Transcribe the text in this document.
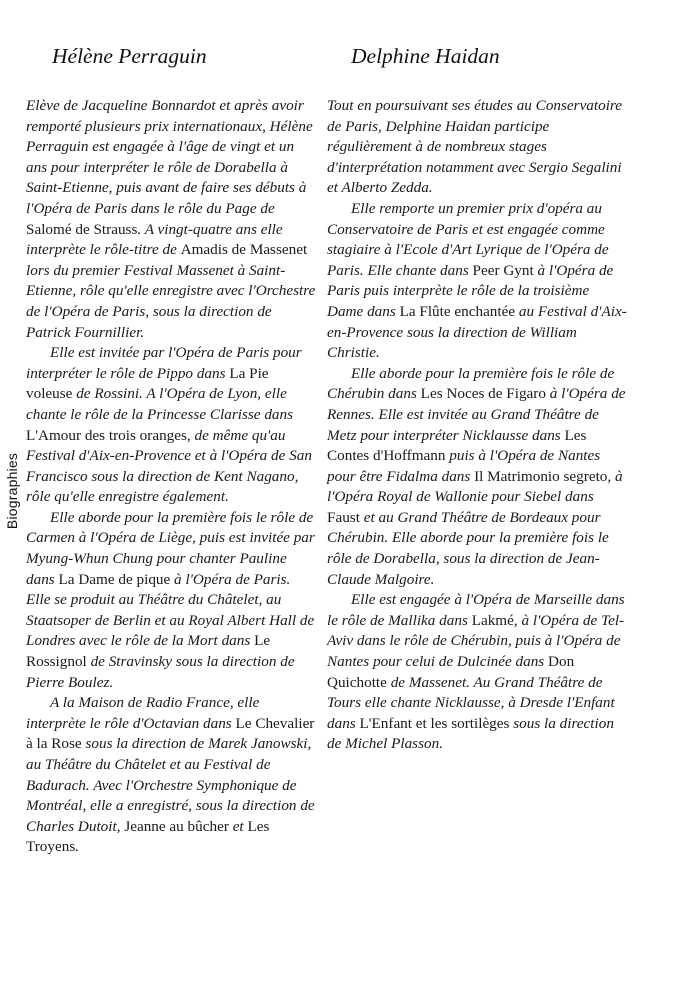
Biographies
Hélène Perraguin

Elève de Jacqueline Bonnardot et après avoir remporté plusieurs prix internationaux, Hélène Perraguin est engagée à l'âge de vingt et un ans pour interpréter le rôle de Dorabella à Saint-Etienne, puis avant de faire ses débuts à l'Opéra de Paris dans le rôle du Page de Salomé de Strauss. A vingt-quatre ans elle interprète le rôle-titre de Amadis de Massenet lors du premier Festival Massenet à Saint-Etienne, rôle qu'elle enregistre avec l'Orchestre de l'Opéra de Paris, sous la direction de Patrick Fournillier.

Elle est invitée par l'Opéra de Paris pour interpréter le rôle de Pippo dans La Pie voleuse de Rossini. A l'Opéra de Lyon, elle chante le rôle de la Princesse Clarisse dans L'Amour des trois oranges, de même qu'au Festival d'Aix-en-Provence et à l'Opéra de San Francisco sous la direction de Kent Nagano, rôle qu'elle enregistre également.

Elle aborde pour la première fois le rôle de Carmen à l'Opéra de Liège, puis est invitée par Myung-Whun Chung pour chanter Pauline dans La Dame de pique à l'Opéra de Paris. Elle se produit au Théâtre du Châtelet, au Staatsoper de Berlin et au Royal Albert Hall de Londres avec le rôle de la Mort dans Le Rossignol de Stravinsky sous la direction de Pierre Boulez.

A la Maison de Radio France, elle interprète le rôle d'Octavian dans Le Chevalier à la Rose sous la direction de Marek Janowski, au Théâtre du Châtelet et au Festival de Badurach. Avec l'Orchestre Symphonique de Montréal, elle a enregistré, sous la direction de Charles Dutoit, Jeanne au bûcher et Les Troyens.

Delphine Haidan

Tout en poursuivant ses études au Conservatoire de Paris, Delphine Haidan participe régulièrement à de nombreux stages d'interprétation notamment avec Sergio Segalini et Alberto Zedda.

Elle remporte un premier prix d'opéra au Conservatoire de Paris et est engagée comme stagiaire à l'Ecole d'Art Lyrique de l'Opéra de Paris. Elle chante dans Peer Gynt à l'Opéra de Paris puis interprète le rôle de la troisième Dame dans La Flûte enchantée au Festival d'Aix-en-Provence sous la direction de William Christie.

Elle aborde pour la première fois le rôle de Chérubin dans Les Noces de Figaro à l'Opéra de Rennes. Elle est invitée au Grand Théâtre de Metz pour interpréter Nicklausse dans Les Contes d'Hoffmann puis à l'Opéra de Nantes pour être Fidalma dans Il Matrimonio segreto, à l'Opéra Royal de Wallonie pour Siebel dans Faust et au Grand Théâtre de Bordeaux pour Chérubin. Elle aborde pour la première fois le rôle de Dorabella, sous la direction de Jean-Claude Malgoire.

Elle est engagée à l'Opéra de Marseille dans le rôle de Mallika dans Lakmé, à l'Opéra de Tel-Aviv dans le rôle de Chérubin, puis à l'Opéra de Nantes pour celui de Dulcinée dans Don Quichotte de Massenet. Au Grand Théâtre de Tours elle chante Nicklausse, à Dresde l'Enfant dans L'Enfant et les sortilèges sous la direction de Michel Plasson.
